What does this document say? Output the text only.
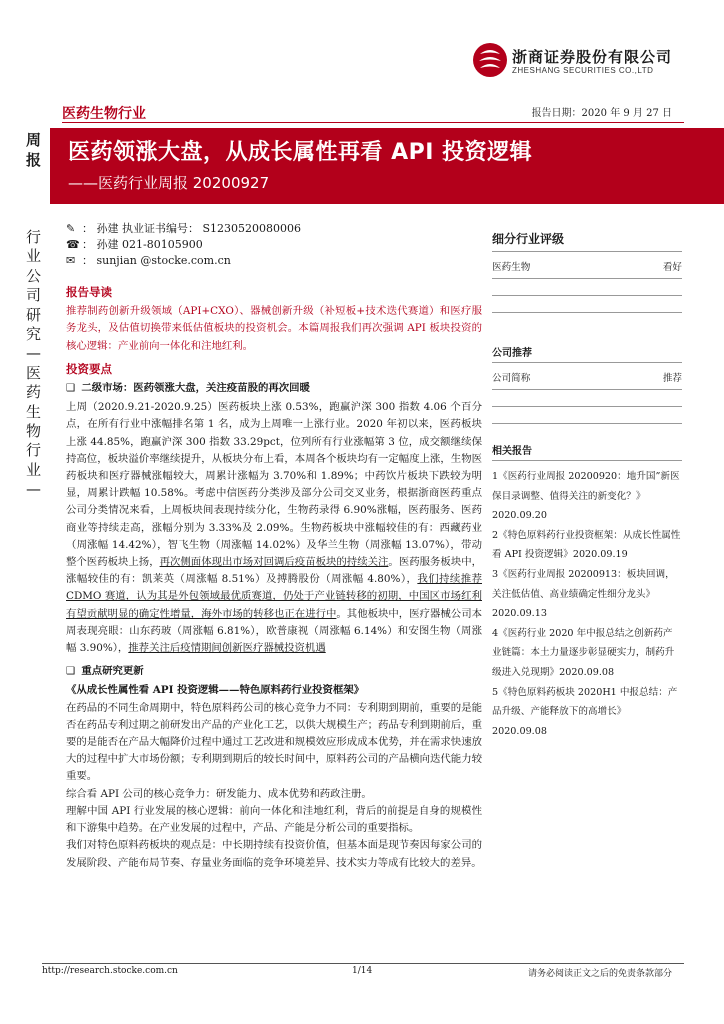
浙商证券股份有限公司
ZHESHANG SECURITIES CO.,LTD
医药生物行业	报告日期：2020 年 9 月 27 日
周报
行业公司研究—医药生物行业—
医药领涨大盘，从成长属性再看 API 投资逻辑
——医药行业周报 20200927
✎ ： 孙建 执业证书编号： S1230520080006
☎ ： 孙建 021-80105900
✉ ： sunjian @stocke.com.cn
报告导读
推荐制药创新升级领域（API+CXO）、器械创新升级（补短板+技术迭代赛道）和医疗服务龙头，及估值切换带来低估值板块的投资机会。本篇周报我们再次强调 API 板块投资的核心逻辑：产业前向一体化和注地红利。
投资要点
❑ 二级市场：医药领涨大盘，关注疫苗股的再次回暖
上周（2020.9.21-2020.9.25）医药板块上涨 0.53%，跑赢沪深 300 指数 4.06 个百分点，在所有行业中涨幅排名第 1 名，成为上周唯一上涨行业。2020 年初以来，医药板块上涨 44.85%，跑赢沪深 300 指数 33.29pct，位列所有行业涨幅第 3 位，成交额继续保持高位，板块溢价率继续提升，从板块分布上看，本周各个板块均有一定幅度上涨，生物医药板块和医疗器械涨幅较大，周累计涨幅为 3.70%和 1.89%；中药饮片板块下跌较为明显，周累计跌幅 10.58%。考虑中信医药分类涉及部分公司交叉业务，根据浙商医药重点公司分类情况来看，上周板块间表现持续分化，生物药录得 6.90%涨幅，医药服务、医药商业等持续走高，涨幅分别为 3.33%及 2.09%。生物药板块中涨幅较佳的有：西藏药业（周涨幅 14.42%），智飞生物（周涨幅 14.02%）及华兰生物（周涨幅 13.07%），带动整个医药板块上扬，再次侧面体现出市场对回调后疫苗板块的持续关注。医药服务板块中，涨幅较佳的有：凯莱英（周涨幅 8.51%）及搏腾股份（周涨幅 4.80%），我们持续推荐 CDMO 赛道，认为其是外包领域最优质赛道，仍处于产业链转移的初期，中国区市场红利有望贡献明显的确定性增量，海外市场的转移也正在进行中。其他板块中，医疗器械公司本周表现亮眼：山东药玻（周涨幅 6.81%），欧普康视（周涨幅 6.14%）和安图生物（周涨幅 3.90%），推荐关注后疫情期间创新医疗器械投资机遇
❑ 重点研究更新
《从成长性属性看 API 投资逻辑——特色原料药行业投资框架》
在药品的不同生命周期中，特色原料药公司的核心竞争力不同：专利期到期前，重要的是能否在药品专利过期之前研发出产品的产业化工艺，以供大规模生产；药品专利到期前后，重要的是能否在产品大幅降价过程中通过工艺改进和规模效应形成成本优势，并在需求快速放大的过程中扩大市场份额；专利期到期后的较长时间中，原料药公司的产品横向迭代能力较重要。
综合看 API 公司的核心竞争力：研发能力、成本优势和药政注册。
理解中国 API 行业发展的核心逻辑：前向一体化和洼地红利，背后的前提是自身的规模性和下游集中趋势。在产业发展的过程中，产品、产能是分析公司的重要指标。
我们对特色原料药板块的观点是：中长期持续有投资价值，但基本面是现节奏因每家公司的发展阶段、产能布局节奏、存量业务面临的竞争环境差异、技术实力等成有比较大的差异。
细分行业评级
医药生物	看好
公司推荐
公司简称	推荐
相关报告
1《医药行业周报 20200920：地升国”新医保目录调整、值得关注的新变化？》 2020.09.20
2《特色原料药行业投资框架：从成长性属性看 API 投资逻辑》2020.09.19
3《医药行业周报 20200913：板块回调，关注低估值、高业绩确定性细分龙头》 2020.09.13
4《医药行业 2020 年中报总结之创新药产业链篇：本土力量逐步彰显硬实力，制药升级进入兑现期》2020.09.08
5《特色原料药板块 2020H1 中报总结：产品升级、产能释放下的高增长》 2020.09.08
http://research.stocke.com.cn	1/14	请务必阅读正文之后的免责条款部分
